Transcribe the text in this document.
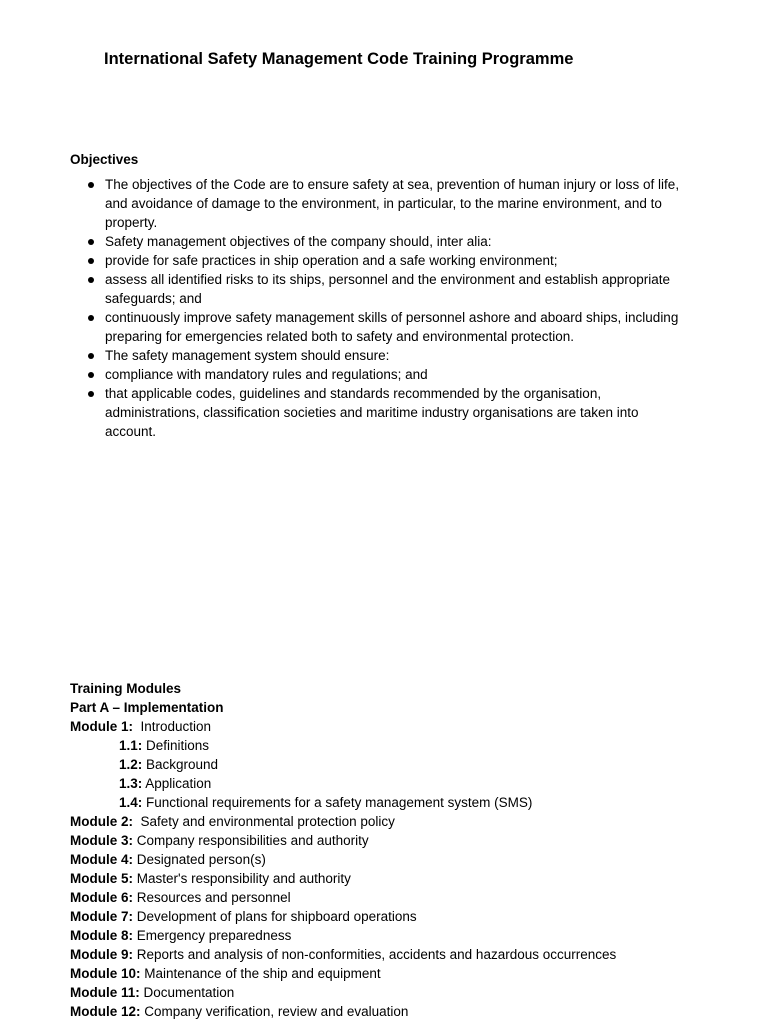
International Safety Management Code Training Programme
Objectives
The objectives of the Code are to ensure safety at sea, prevention of human injury or loss of life, and avoidance of damage to the environment, in particular, to the marine environment, and to property.
Safety management objectives of the company should, inter alia:
provide for safe practices in ship operation and a safe working environment;
assess all identified risks to its ships, personnel and the environment and establish appropriate safeguards; and
continuously improve safety management skills of personnel ashore and aboard ships, including preparing for emergencies related both to safety and environmental protection.
The safety management system should ensure:
compliance with mandatory rules and regulations; and
that applicable codes, guidelines and standards recommended by the organisation, administrations, classification societies and maritime industry organisations are taken into account.
Training Modules
Part A – Implementation
Module 1:  Introduction
1.1: Definitions
1.2: Background
1.3: Application
1.4: Functional requirements for a safety management system (SMS)
Module 2:  Safety and environmental protection policy
Module 3: Company responsibilities and authority
Module 4: Designated person(s)
Module 5: Master's responsibility and authority
Module 6: Resources and personnel
Module 7: Development of plans for shipboard operations
Module 8: Emergency preparedness
Module 9: Reports and analysis of non-conformities, accidents and hazardous occurrences
Module 10: Maintenance of the ship and equipment
Module 11: Documentation
Module 12: Company verification, review and evaluation
